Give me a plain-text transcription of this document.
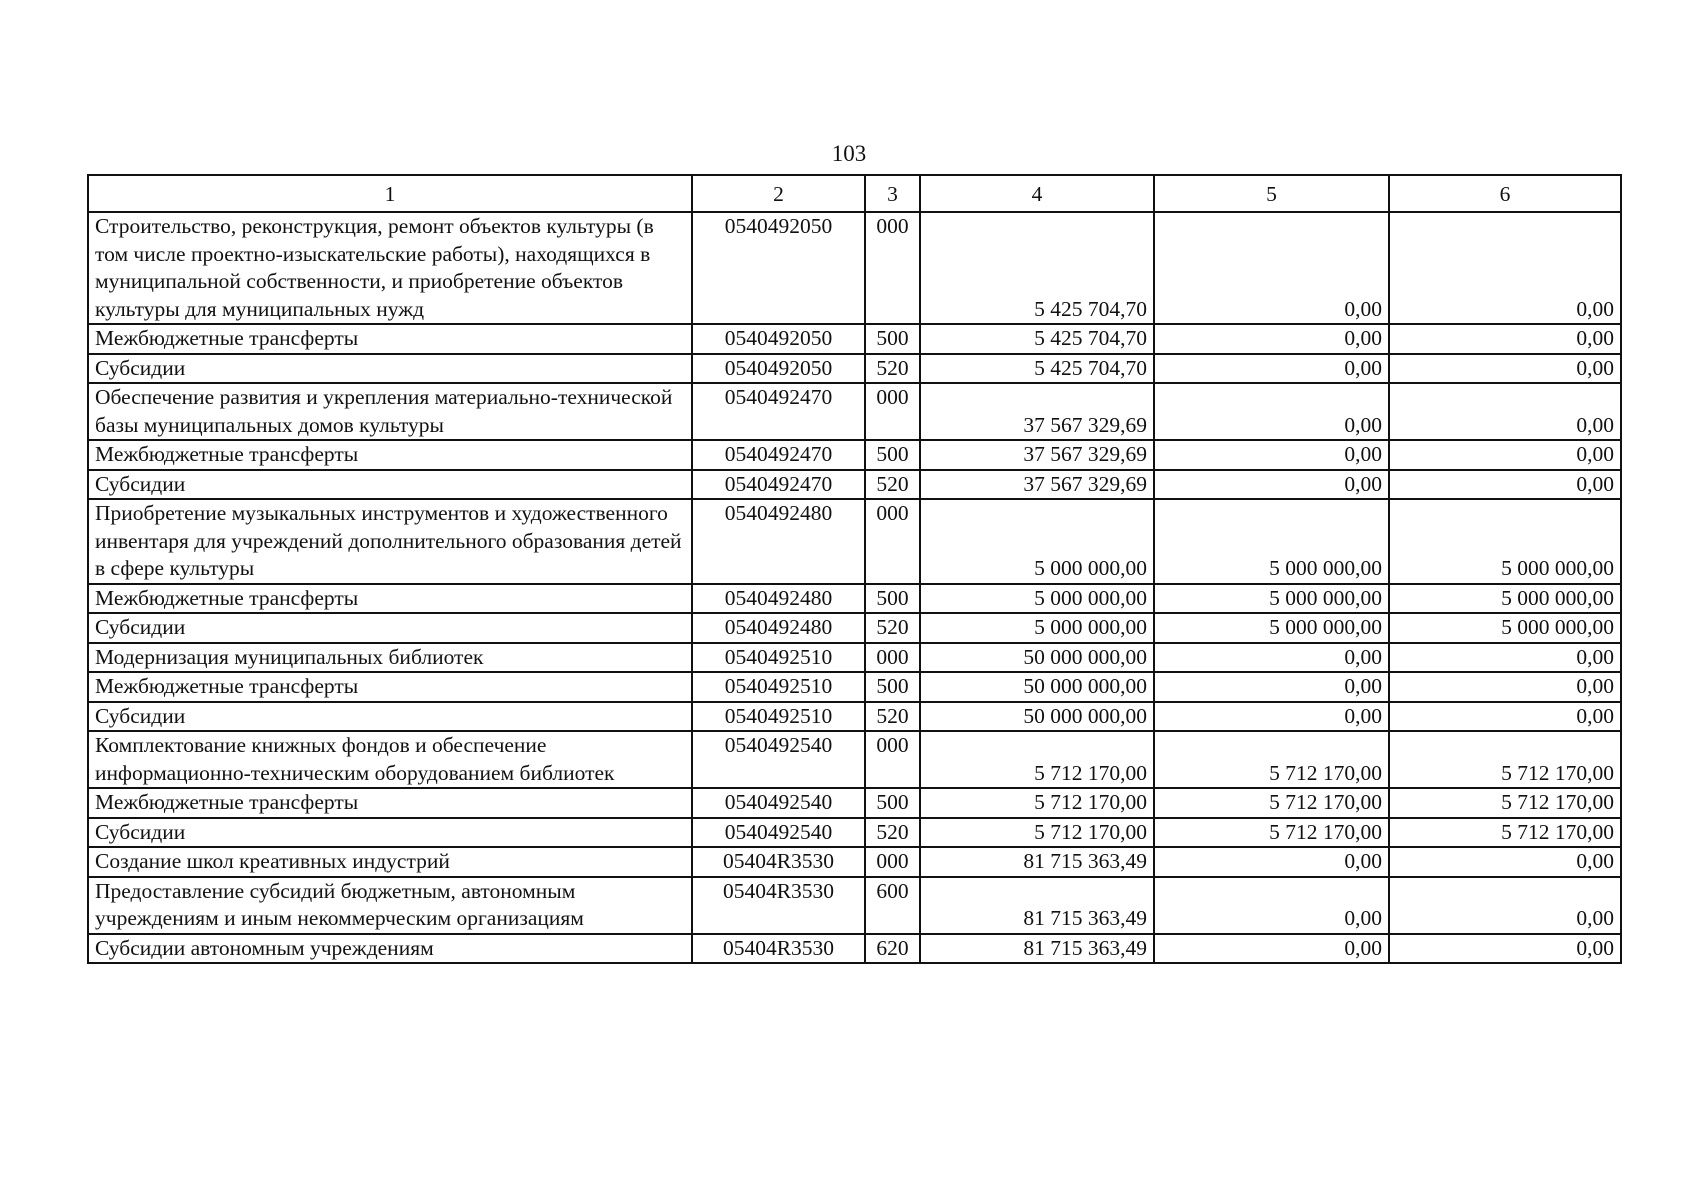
103
1	2	3	4	5	6
Строительство, реконструкция, ремонт объектов культуры (в том числе проектно-изыскательские работы), находящихся в муниципальной собственности, и приобретение объектов культуры для муниципальных нужд	0540492050	000	5 425 704,70	0,00	0,00
Межбюджетные трансферты	0540492050	500	5 425 704,70	0,00	0,00
Субсидии	0540492050	520	5 425 704,70	0,00	0,00
Обеспечение развития и укрепления материально-технической базы муниципальных домов культуры	0540492470	000	37 567 329,69	0,00	0,00
Межбюджетные трансферты	0540492470	500	37 567 329,69	0,00	0,00
Субсидии	0540492470	520	37 567 329,69	0,00	0,00
Приобретение музыкальных инструментов и художественного инвентаря для учреждений дополнительного образования детей в сфере культуры	0540492480	000	5 000 000,00	5 000 000,00	5 000 000,00
Межбюджетные трансферты	0540492480	500	5 000 000,00	5 000 000,00	5 000 000,00
Субсидии	0540492480	520	5 000 000,00	5 000 000,00	5 000 000,00
Модернизация муниципальных библиотек	0540492510	000	50 000 000,00	0,00	0,00
Межбюджетные трансферты	0540492510	500	50 000 000,00	0,00	0,00
Субсидии	0540492510	520	50 000 000,00	0,00	0,00
Комплектование книжных фондов и обеспечение информационно-техническим оборудованием библиотек	0540492540	000	5 712 170,00	5 712 170,00	5 712 170,00
Межбюджетные трансферты	0540492540	500	5 712 170,00	5 712 170,00	5 712 170,00
Субсидии	0540492540	520	5 712 170,00	5 712 170,00	5 712 170,00
Создание школ креативных индустрий	05404R3530	000	81 715 363,49	0,00	0,00
Предоставление субсидий бюджетным, автономным учреждениям и иным некоммерческим организациям	05404R3530	600	81 715 363,49	0,00	0,00
Субсидии автономным учреждениям	05404R3530	620	81 715 363,49	0,00	0,00
